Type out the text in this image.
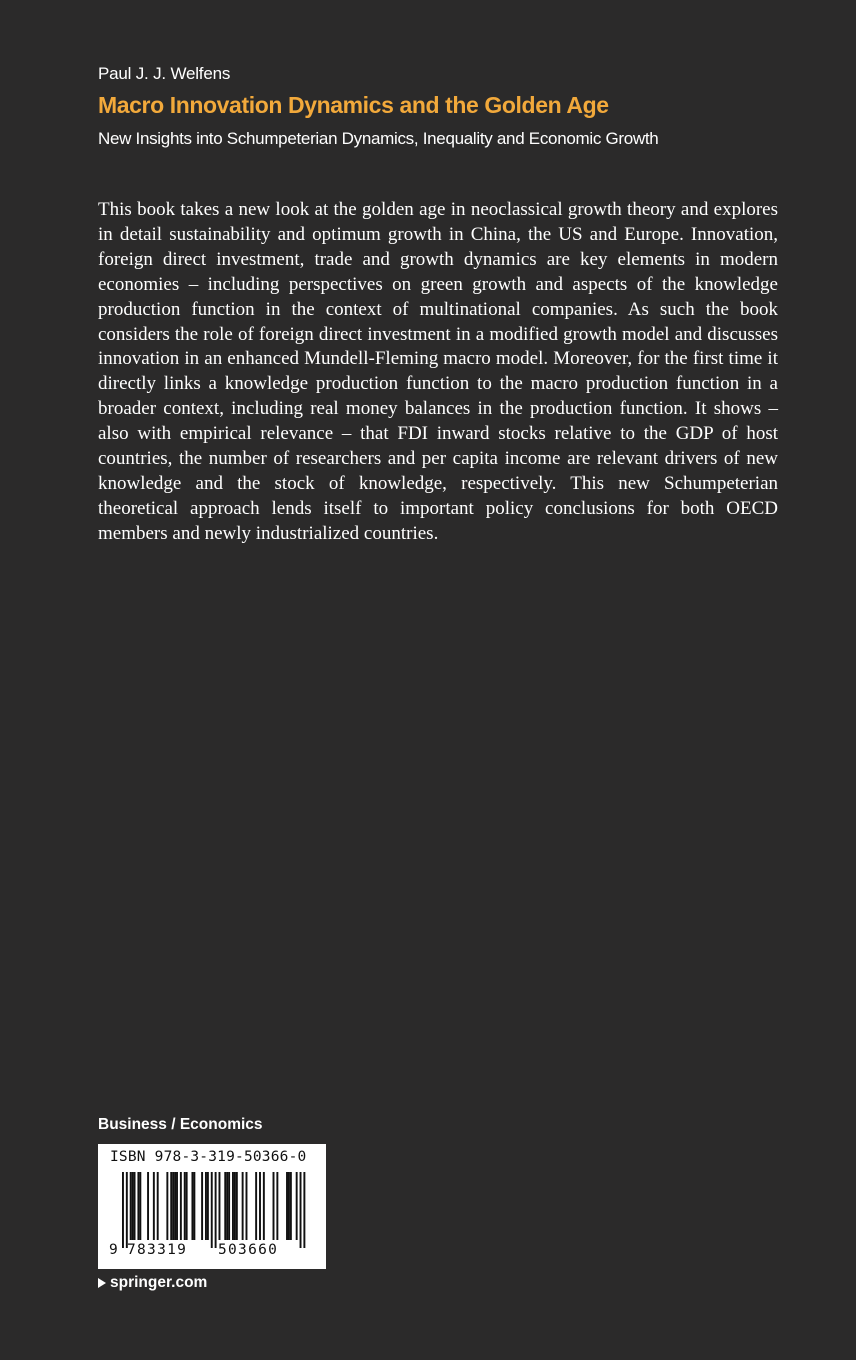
Paul J. J. Welfens
Macro Innovation Dynamics and the Golden Age
New Insights into Schumpeterian Dynamics, Inequality and Economic Growth

This book takes a new look at the golden age in neoclassical growth theory and explores in detail sustainability and optimum growth in China, the US and Europe. Innovation, foreign direct investment, trade and growth dynamics are key elements in modern economies – including perspectives on green growth and aspects of the knowledge production function in the context of multinational companies. As such the book considers the role of foreign direct investment in a modified growth model and discusses innovation in an enhanced Mundell-Fleming macro model. Moreover, for the first time it directly links a knowledge production function to the macro production function in a broader context, including real money balances in the production function. It shows – also with empirical relevance – that FDI inward stocks relative to the GDP of host countries, the number of researchers and per capita income are relevant drivers of new knowledge and the stock of knowledge, respectively. This new Schumpeterian theoretical approach lends itself to important policy conclusions for both OECD members and newly industrialized countries.

Business / Economics
ISBN 978-3-319-50366-0
9 783319 503660
springer.com
